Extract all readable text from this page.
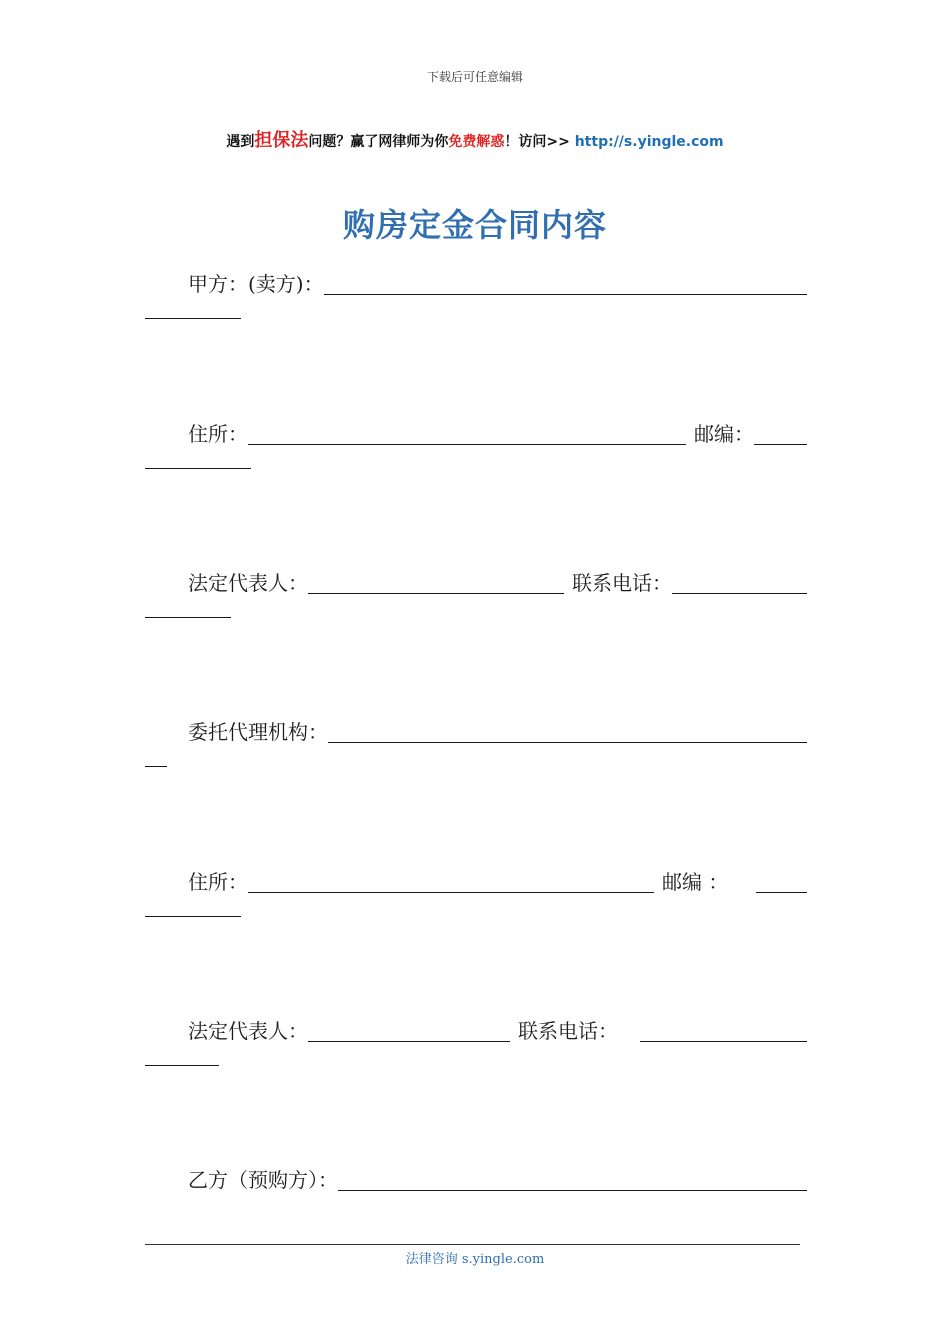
下载后可任意编辑
遇到担保法问题？赢了网律师为你免费解惑！访问>> http://s.yingle.com
购房定金合同内容
甲方：(卖方)：
住所：	邮编：
法定代表人：	联系电话：
委托代理机构：
住所：	邮编 ：
法定代表人：	联系电话：
乙方（预购方）：
法律咨询 s.yingle.com
